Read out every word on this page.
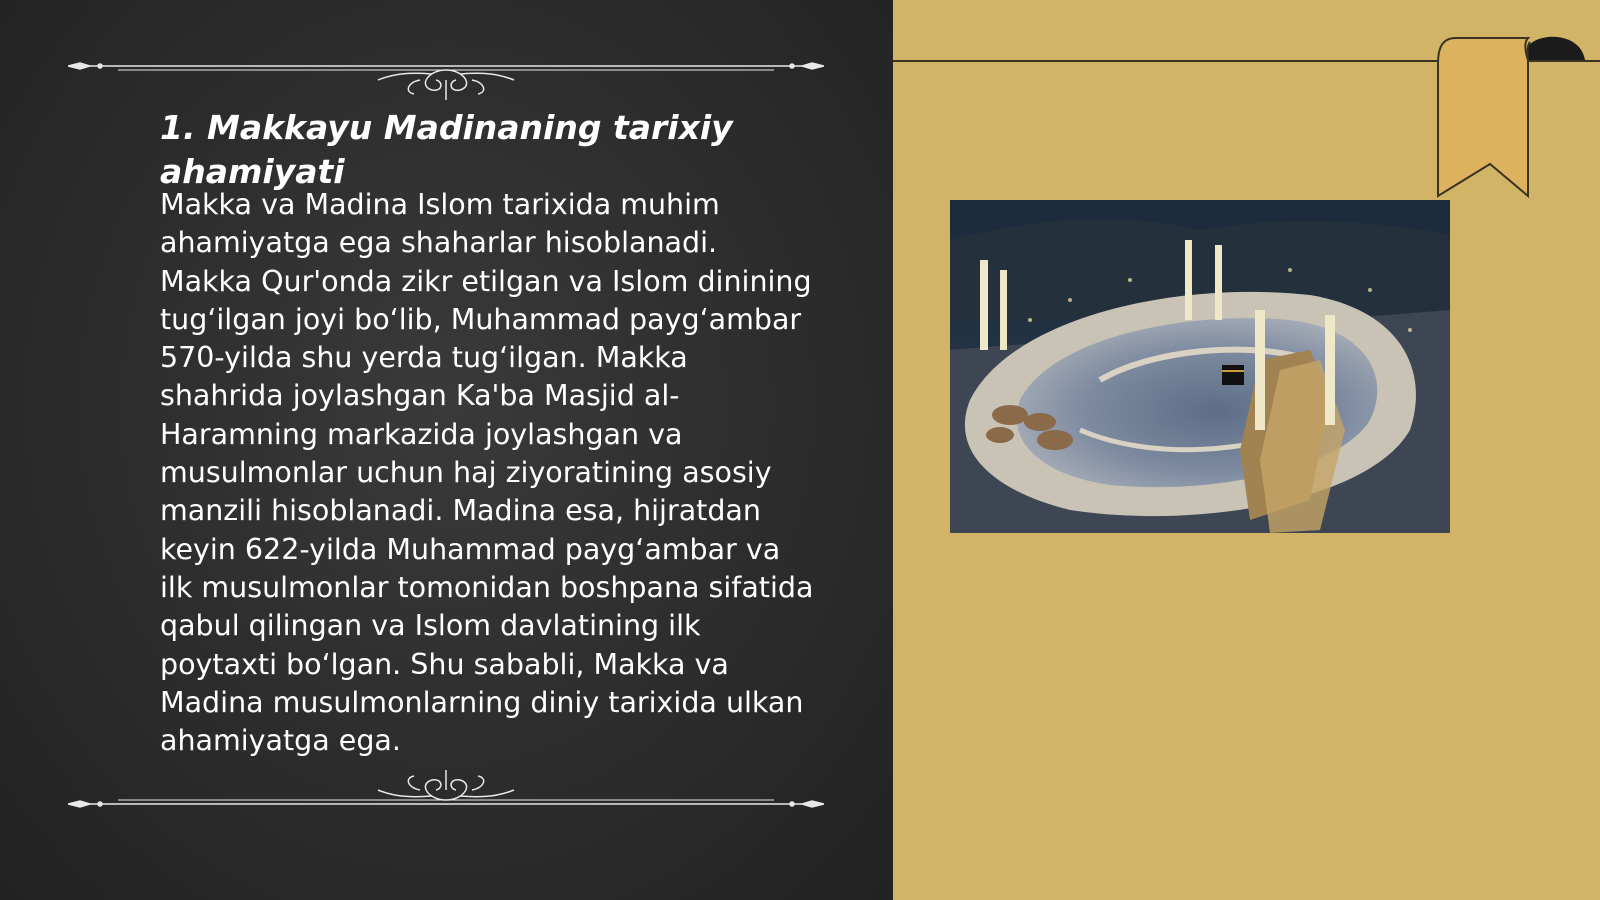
1. Makkayu Madinaning tarixiy ahamiyati

Makka va Madina Islom tarixida muhim ahamiyatga ega shaharlar hisoblanadi. Makka Qur'onda zikr etilgan va Islom dinining tug‘ilgan joyi bo‘lib, Muhammad payg‘ambar 570-yilda shu yerda tug‘ilgan. Makka shahrida joylashgan Ka'ba Masjid al-Haramning markazida joylashgan va musulmonlar uchun haj ziyoratining asosiy manzili hisoblanadi. Madina esa, hijratdan keyin 622-yilda Muhammad payg‘ambar va ilk musulmonlar tomonidan boshpana sifatida qabul qilingan va Islom davlatining ilk poytaxti bo‘lgan. Shu sababli, Makka va Madina musulmonlarning diniy tarixida ulkan ahamiyatga ega.
